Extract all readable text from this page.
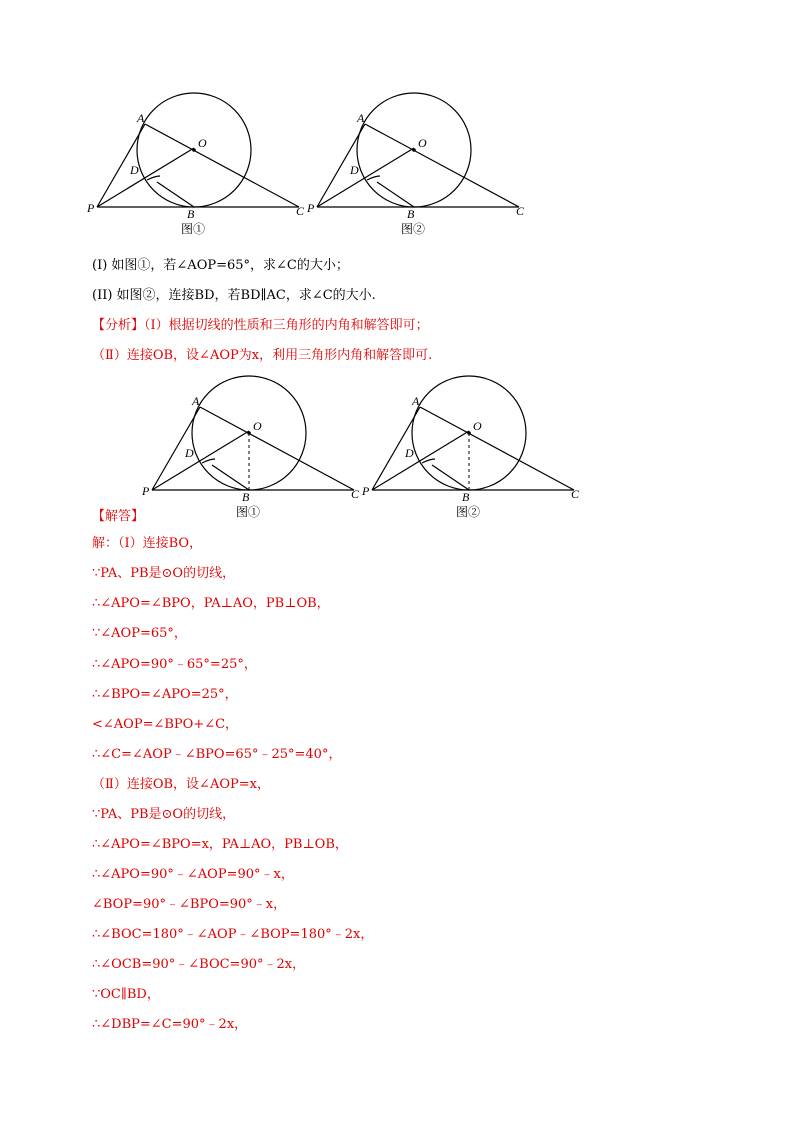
A
O
D
P	B	C
图①
A
O
D
P	B	C
图②
(I) 如图①，若∠AOP=65°，求∠C的大小；
(II) 如图②，连接BD，若BD∥AC，求∠C的大小.
【分析】（Ⅰ）根据切线的性质和三角形的内角和解答即可；
（Ⅱ）连接OB，设∠AOP为x，利用三角形内角和解答即可.
A
O
D
P	B	C
图①
A
O
D
P	B	C
图②
【解答】
解：（Ⅰ）连接BO，
∵PA、PB是⊙O的切线，
∴∠APO=∠BPO，PA⊥AO，PB⊥OB，
∵∠AOP=65°，
∴∠APO=90°﹣65°=25°，
∴∠BPO=∠APO=25°，
<∠AOP=∠BPO+∠C，
∴∠C=∠AOP﹣∠BPO=65°﹣25°=40°，
（Ⅱ）连接OB，设∠AOP=x，
∵PA、PB是⊙O的切线，
∴∠APO=∠BPO=x，PA⊥AO，PB⊥OB，
∴∠APO=90°﹣∠AOP=90°﹣x，
∠BOP=90°﹣∠BPO=90°﹣x，
∴∠BOC=180°﹣∠AOP﹣∠BOP=180°﹣2x，
∴∠OCB=90°﹣∠BOC=90°﹣2x，
∵OC∥BD，
∴∠DBP=∠C=90°﹣2x，
